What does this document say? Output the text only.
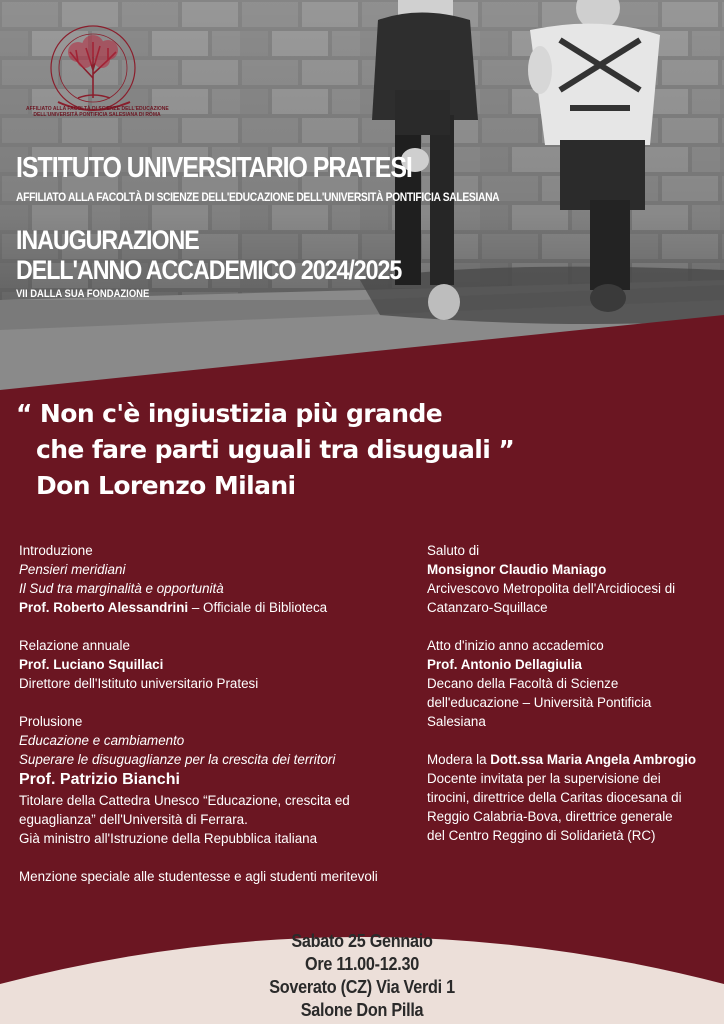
AFFILIATO ALLA FACOLTÀ DI SCIENZE DELL'EDUCAZIONE
DELL'UNIVERSITÀ PONTIFICIA SALESIANA DI ROMA
ISTITUTO UNIVERSITARIO PRATESI
AFFILIATO ALLA FACOLTÀ DI SCIENZE DELL'EDUCAZIONE DELL'UNIVERSITÀ PONTIFICIA SALESIANA
INAUGURAZIONE
DELL'ANNO ACCADEMICO 2024/2025
VII DALLA SUA FONDAZIONE
“ Non c'è ingiustizia più grande
che fare parti uguali tra disuguali ”
Don Lorenzo Milani
Introduzione
Pensieri meridiani
Il Sud tra marginalità e opportunità
Prof. Roberto Alessandrini – Officiale di Biblioteca
Relazione annuale
Prof. Luciano Squillaci
Direttore dell'Istituto universitario Pratesi
Prolusione
Educazione e cambiamento
Superare le disuguaglianze per la crescita dei territori
Prof. Patrizio Bianchi
Titolare della Cattedra Unesco “Educazione, crescita ed
eguaglianza” dell'Università di Ferrara.
Già ministro all'Istruzione della Repubblica italiana
Menzione speciale alle studentesse e agli studenti meritevoli
Saluto di
Monsignor Claudio Maniago
Arcivescovo Metropolita dell'Arcidiocesi di
Catanzaro-Squillace
Atto d'inizio anno accademico
Prof. Antonio Dellagiulia
Decano della Facoltà di Scienze
dell'educazione – Università Pontificia
Salesiana
Modera la Dott.ssa Maria Angela Ambrogio
Docente invitata per la supervisione dei
tirocini, direttrice della Caritas diocesana di
Reggio Calabria-Bova, direttrice generale
del Centro Reggino di Solidarietà (RC)
Sabato 25 Gennaio
Ore 11.00-12.30
Soverato (CZ) Via Verdi 1
Salone Don Pilla
